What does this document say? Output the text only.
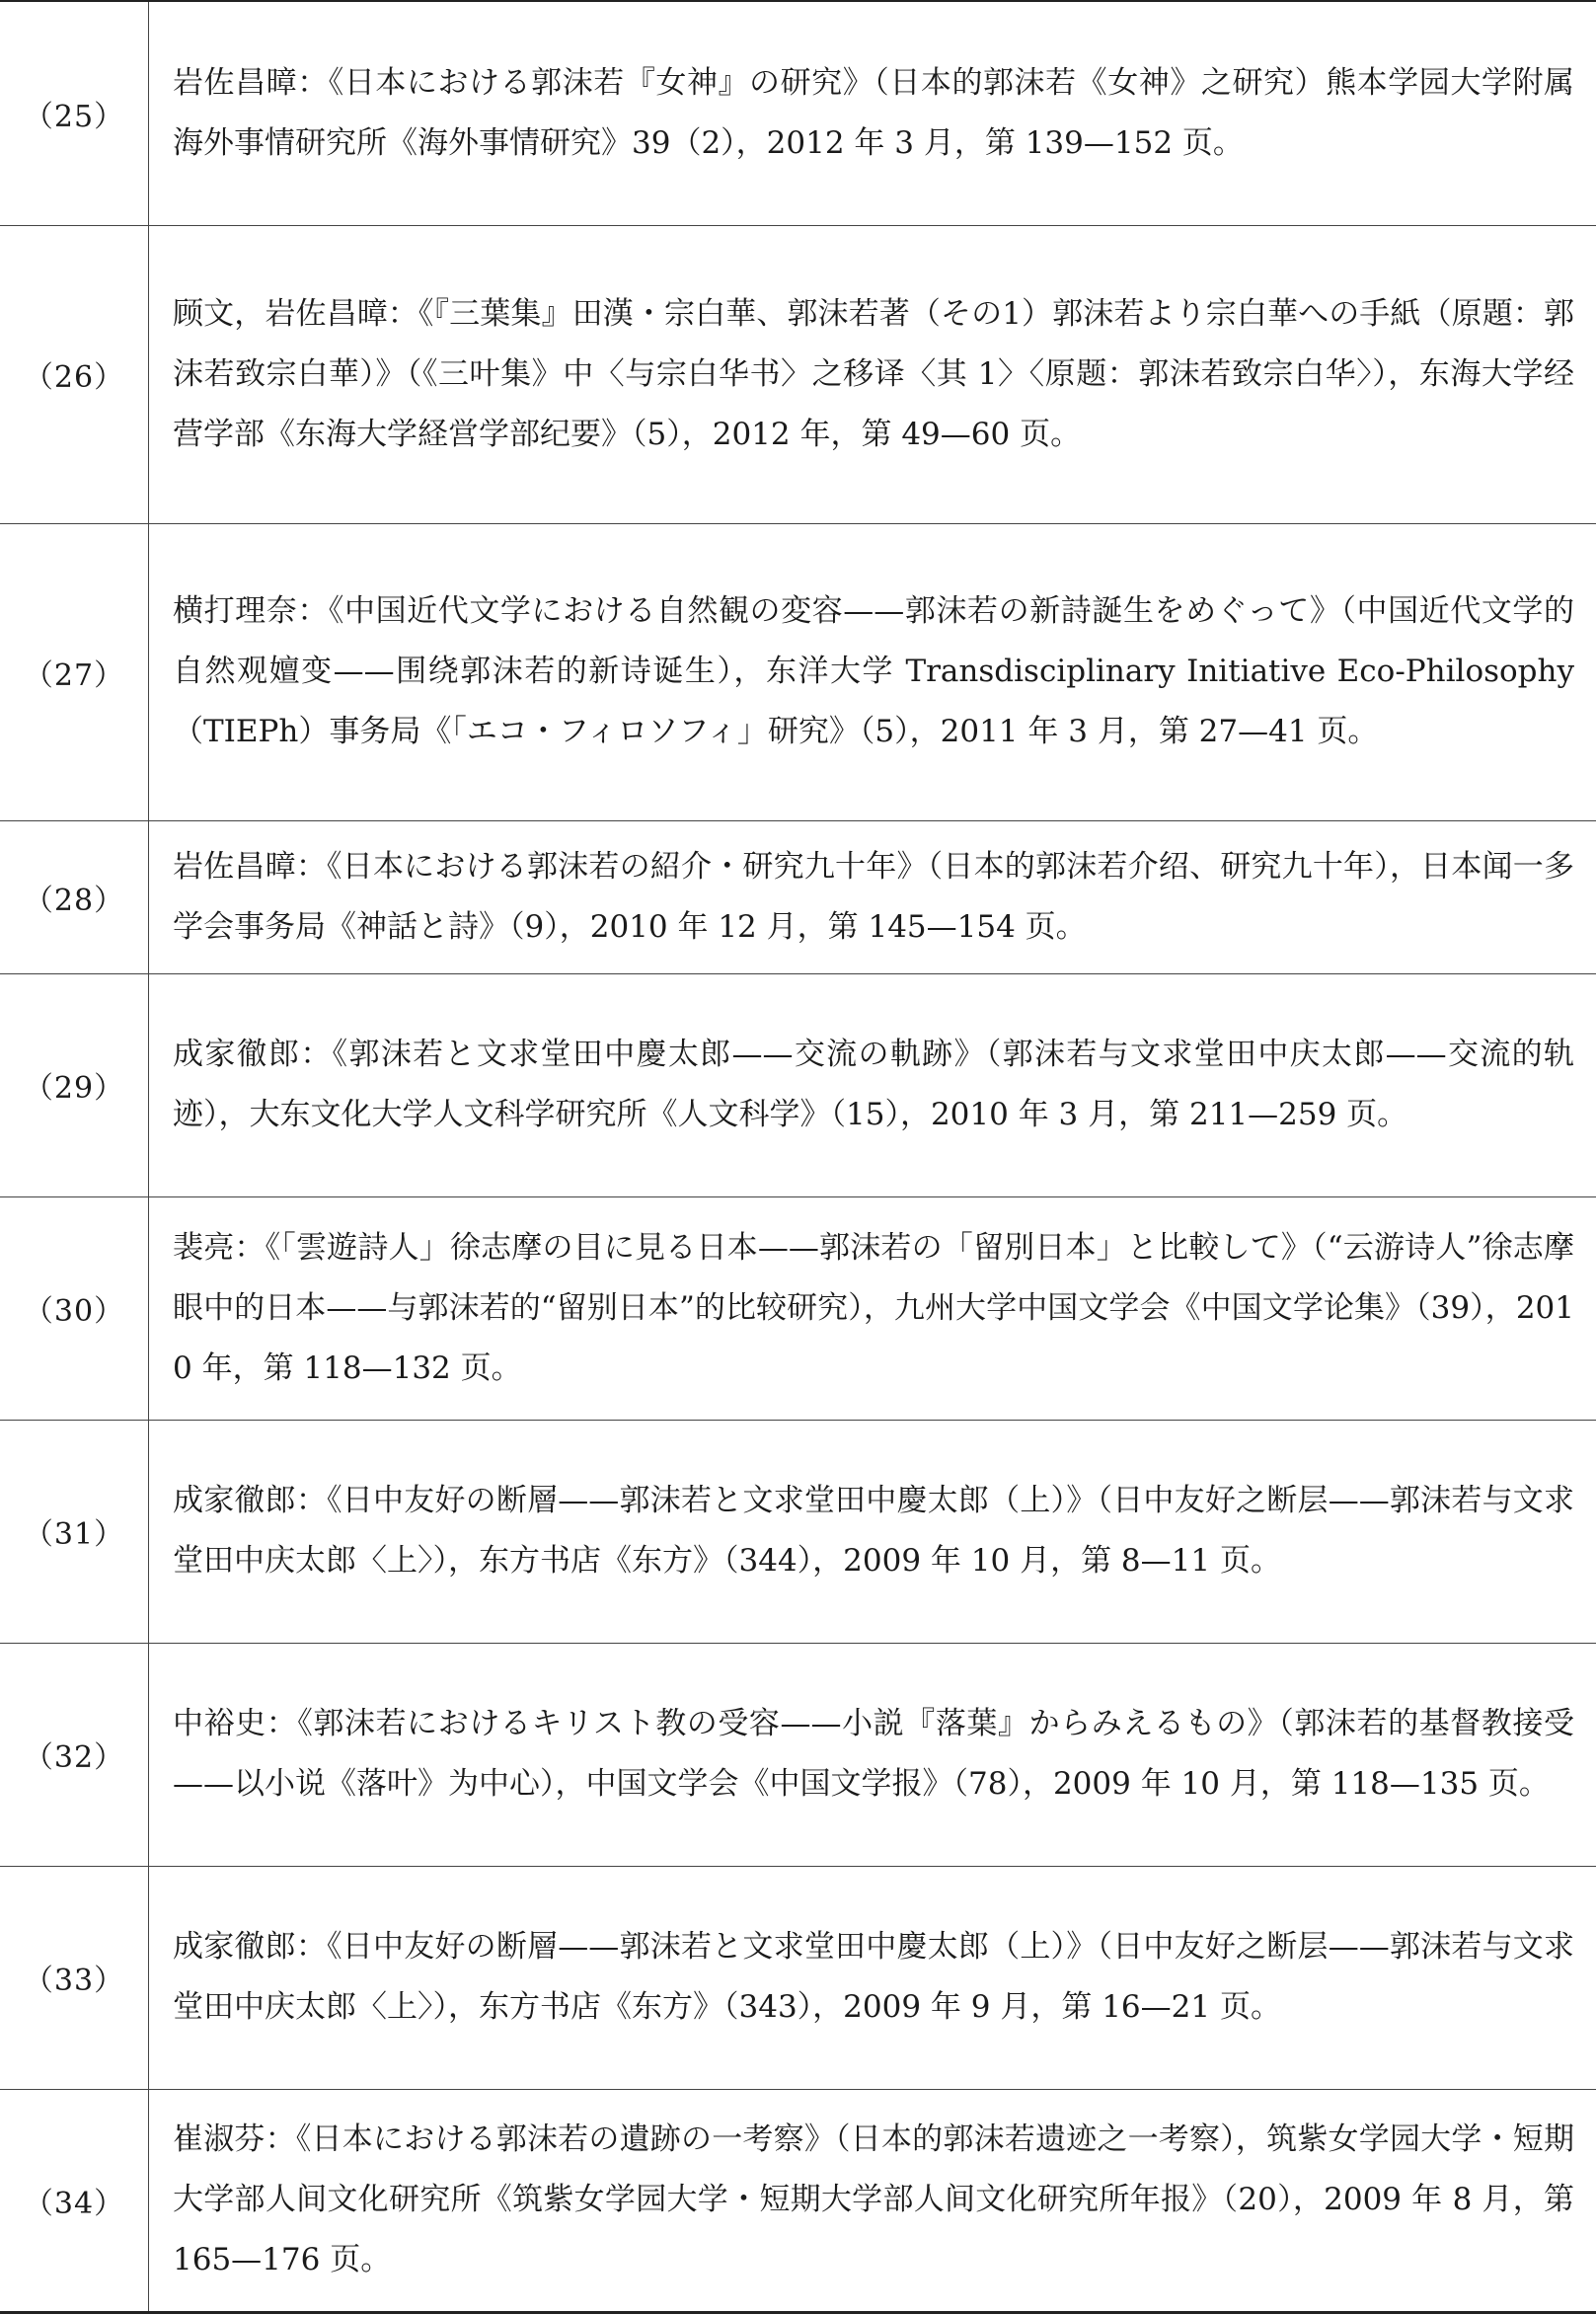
（25）	岩佐昌暲：《日本における郭沫若『女神』の研究》（日本的郭沫若《女神》之研究）熊本学园大学附属海外事情研究所《海外事情研究》39（2），2012 年 3 月，第 139—152 页。
（26）	顾文，岩佐昌暲：《『三葉集』田漢・宗白華、郭沫若著（その1）郭沫若より宗白華への手紙（原題：郭沫若致宗白華）》（《三叶集》中〈与宗白华书〉之移译〈其 1〉〈原题：郭沫若致宗白华〉），东海大学经营学部《东海大学経営学部纪要》（5），2012 年，第 49—60 页。
（27）	横打理奈：《中国近代文学における自然観の変容——郭沫若の新詩誕生をめぐって》（中国近代文学的自然观嬗变——围绕郭沫若的新诗诞生），东洋大学 Transdisciplinary Initiative Eco-Philosophy（TIEPh）事务局《「エコ・フィロソフィ」研究》（5），2011 年 3 月，第 27—41 页。
（28）	岩佐昌暲：《日本における郭沫若の紹介・研究九十年》（日本的郭沫若介绍、研究九十年），日本闻一多学会事务局《神話と詩》（9），2010 年 12 月，第 145—154 页。
（29）	成家徹郎：《郭沫若と文求堂田中慶太郎——交流の軌跡》（郭沫若与文求堂田中庆太郎——交流的轨迹），大东文化大学人文科学研究所《人文科学》（15），2010 年 3 月，第 211—259 页。
（30）	裴亮：《「雲遊詩人」徐志摩の目に見る日本——郭沫若の「留別日本」と比較して》（“云游诗人”徐志摩眼中的日本——与郭沫若的“留别日本”的比较研究），九州大学中国文学会《中国文学论集》（39），2010 年，第 118—132 页。
（31）	成家徹郎：《日中友好の断層——郭沫若と文求堂田中慶太郎（上）》（日中友好之断层——郭沫若与文求堂田中庆太郎〈上〉），东方书店《东方》（344），2009 年 10 月，第 8—11 页。
（32）	中裕史：《郭沫若におけるキリスト教の受容——小説『落葉』からみえるもの》（郭沫若的基督教接受——以小说《落叶》为中心），中国文学会《中国文学报》（78），2009 年 10 月，第 118—135 页。
（33）	成家徹郎：《日中友好の断層——郭沫若と文求堂田中慶太郎（上）》（日中友好之断层——郭沫若与文求堂田中庆太郎〈上〉），东方书店《东方》（343），2009 年 9 月，第 16—21 页。
（34）	崔淑芬：《日本における郭沫若の遺跡の一考察》（日本的郭沫若遗迹之一考察），筑紫女学园大学・短期大学部人间文化研究所《筑紫女学园大学・短期大学部人间文化研究所年报》（20），2009 年 8 月，第 165—176 页。
